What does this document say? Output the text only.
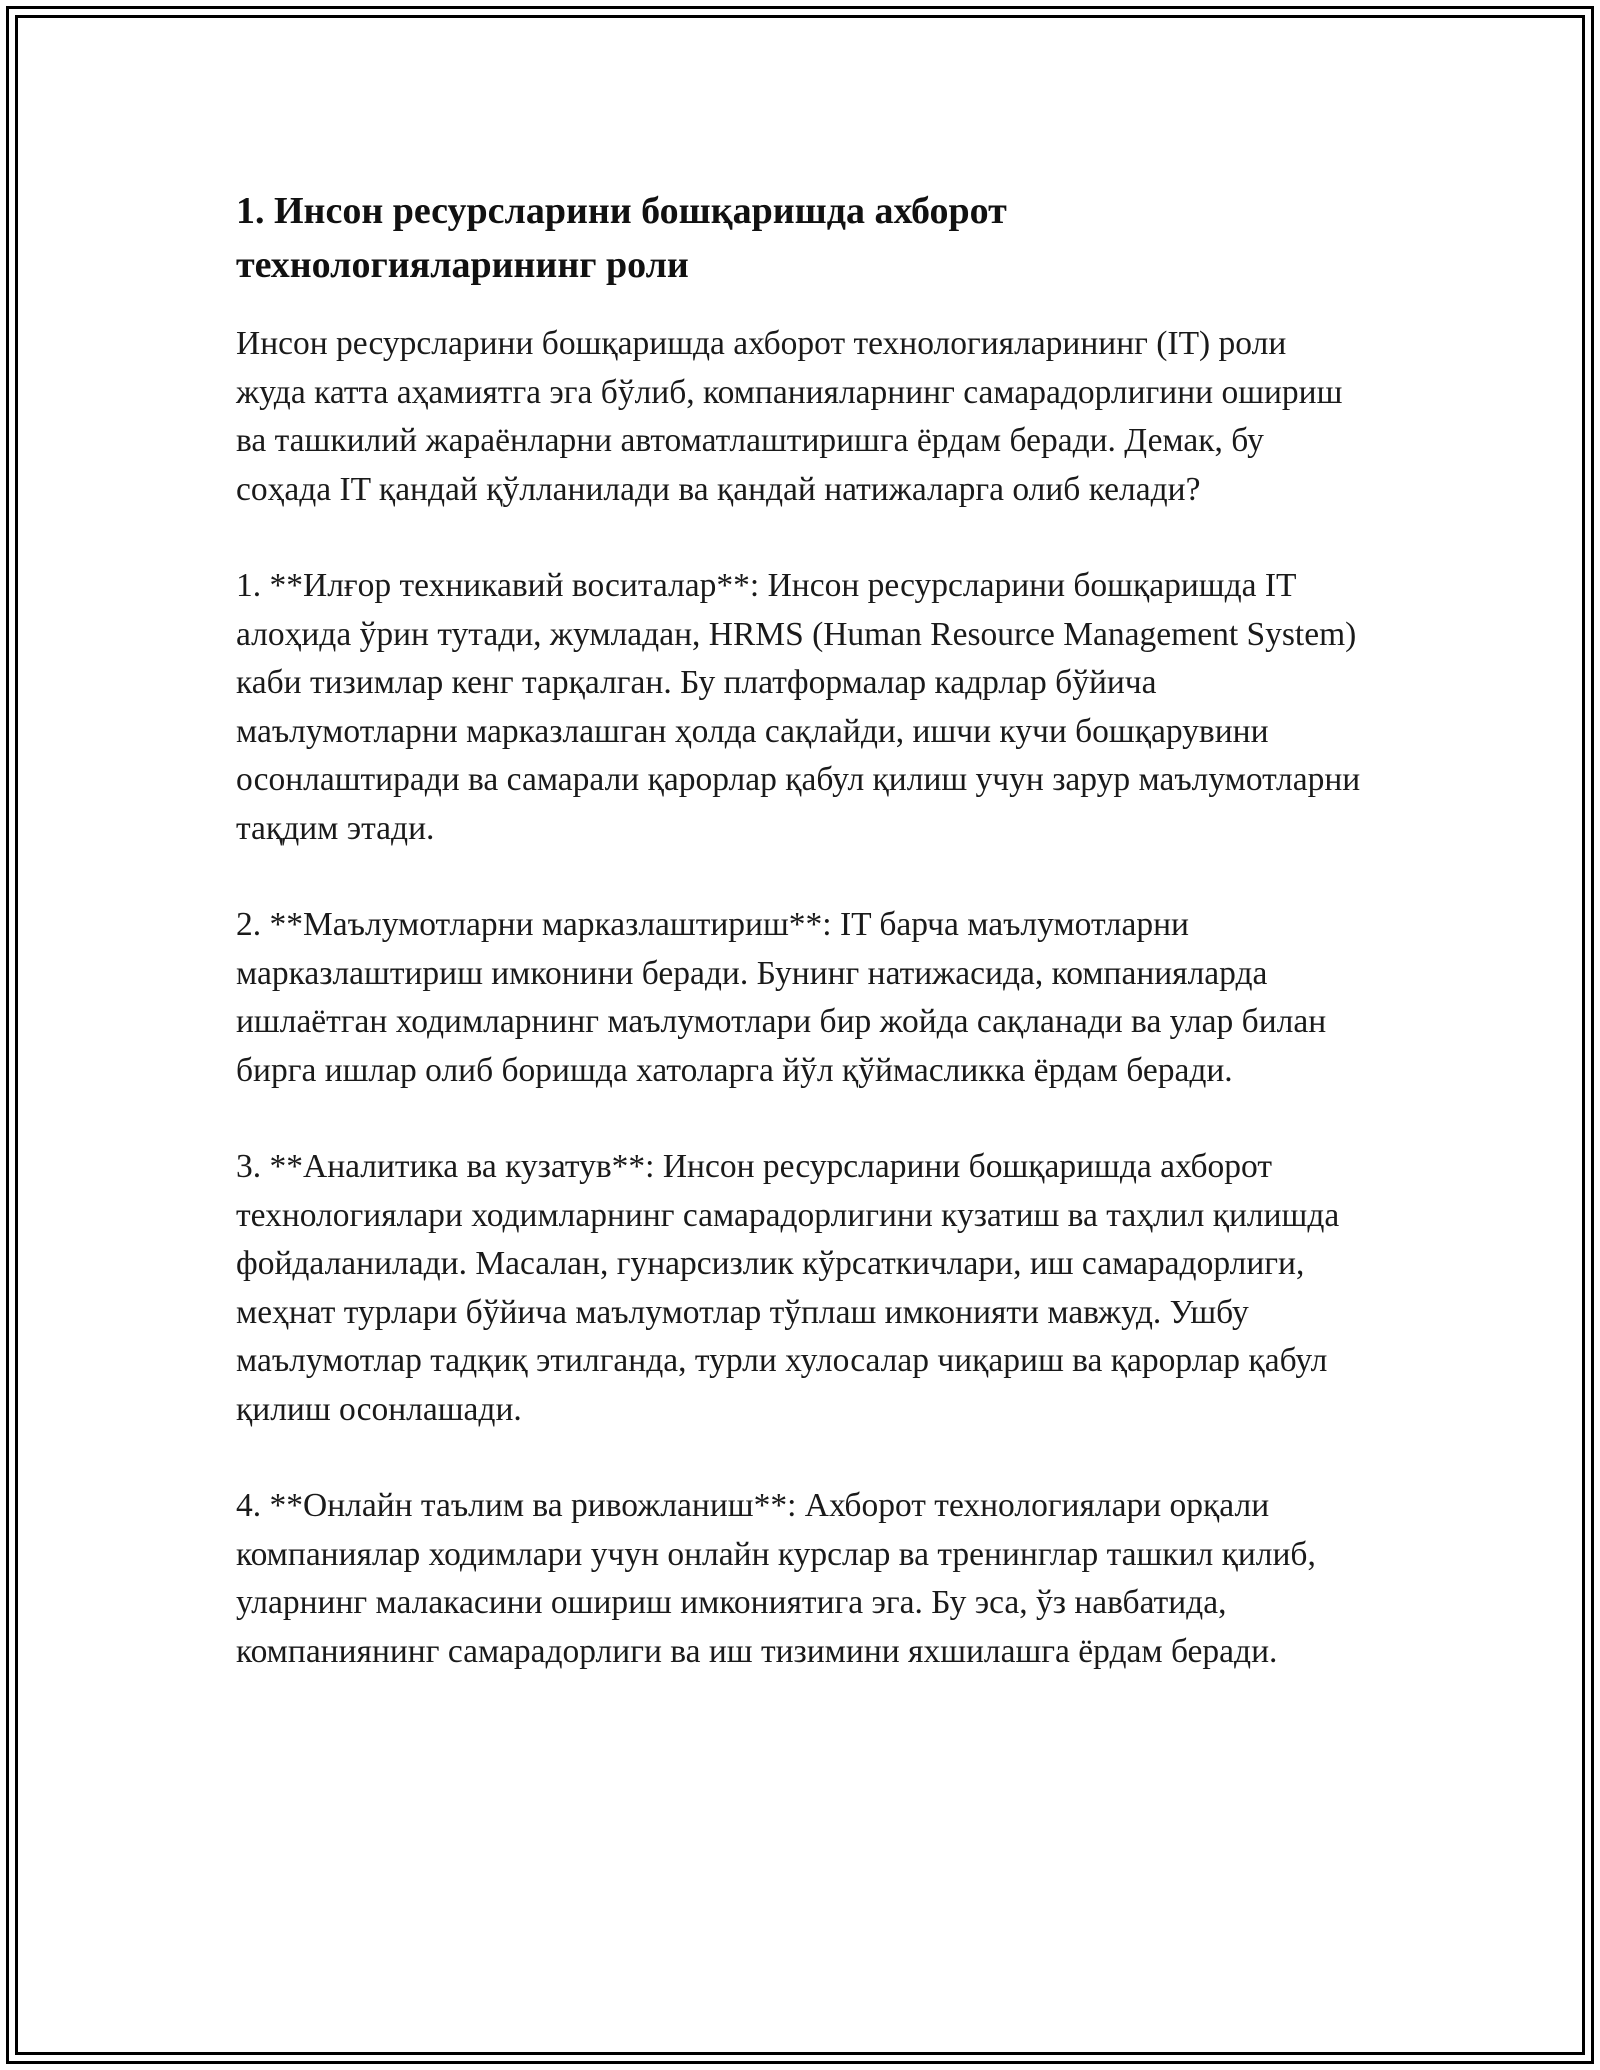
1. Инсон ресурсларини бошқаришда ахборот технологияларининг роли

Инсон ресурсларини бошқаришда ахборот технологияларининг (IT) роли жуда катта аҳамиятга эга бўлиб, компанияларнинг самарадорлигини ошириш ва ташкилий жараёнларни автоматлаштиришга ёрдам беради. Демак, бу соҳада IT қандай қўлланилади ва қандай натижаларга олиб келади?

1. **Илғор техникавий воситалар**: Инсон ресурсларини бошқаришда IT алоҳида ўрин тутади, жумладан, HRMS (Human Resource Management System) каби тизимлар кенг тарқалган. Бу платформалар кадрлар бўйича маълумотларни марказлашган ҳолда сақлайди, ишчи кучи бошқарувини осонлаштиради ва самарали қарорлар қабул қилиш учун зарур маълумотларни тақдим этади.

2. **Маълумотларни марказлаштириш**: IT барча маълумотларни марказлаштириш имконини беради. Бунинг натижасида, компанияларда ишлаётган ходимларнинг маълумотлари бир жойда сақланади ва улар билан бирга ишлар олиб боришда хатоларга йўл қўймасликка ёрдам беради.

3. **Аналитика ва кузатув**: Инсон ресурсларини бошқаришда ахборот технологиялари ходимларнинг самарадорлигини кузатиш ва таҳлил қилишда фойдаланилади. Масалан, гунарсизлик кўрсаткичлари, иш самарадорлиги, меҳнат турлари бўйича маълумотлар тўплаш имконияти мавжуд. Ушбу маълумотлар тадқиқ этилганда, турли хулосалар чиқариш ва қарорлар қабул қилиш осонлашади.

4. **Онлайн таълим ва ривожланиш**: Ахборот технологиялари орқали компаниялар ходимлари учун онлайн курслар ва тренинглар ташкил қилиб, уларнинг малакасини ошириш имкониятига эга. Бу эса, ўз навбатида, компаниянинг самарадорлиги ва иш тизимини яхшилашга ёрдам беради.
